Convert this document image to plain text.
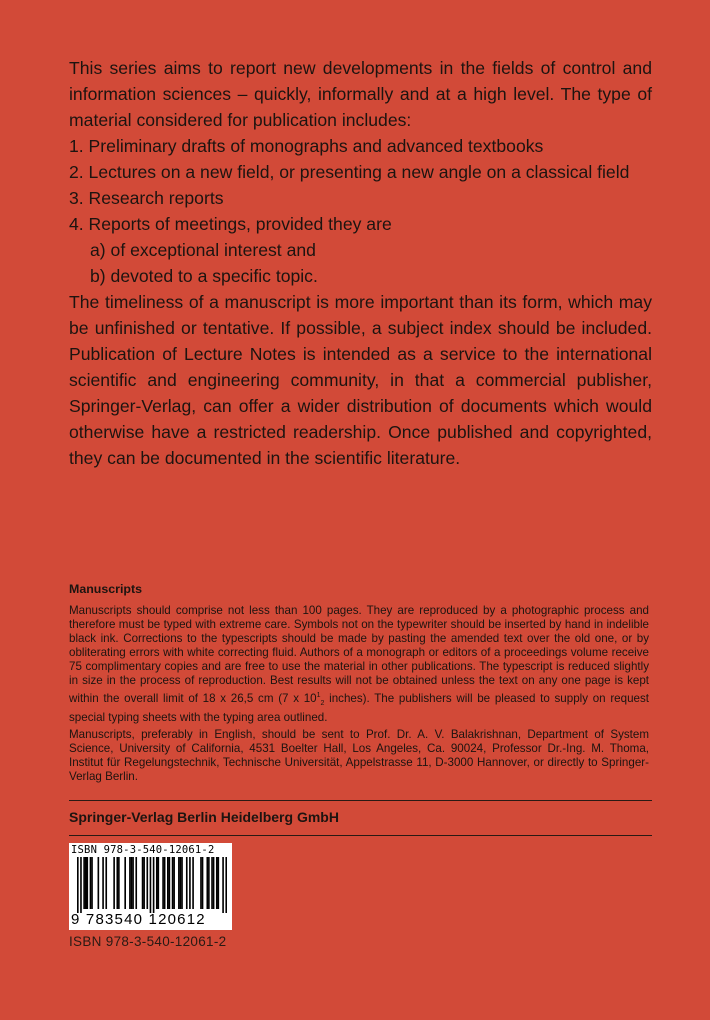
This series aims to report new developments in the fields of control and information sciences – quickly, informally and at a high level. The type of material considered for publication includes:

1. Preliminary drafts of monographs and advanced textbooks

2. Lectures on a new field, or presenting a new angle on a classical field

3. Research reports

4. Reports of meetings, provided they are

a) of exceptional interest and

b) devoted to a specific topic.

The timeliness of a manuscript is more important than its form, which may be unfinished or tentative. If possible, a subject index should be included. Publication of Lecture Notes is intended as a service to the international scientific and engineering community, in that a commercial publisher, Springer-Verlag, can offer a wider distribution of documents which would otherwise have a restricted readership. Once published and copyrighted, they can be documented in the scientific literature.

Manuscripts

Manuscripts should comprise not less than 100 pages. They are reproduced by a photographic process and therefore must be typed with extreme care. Symbols not on the typewriter should be inserted by hand in indelible black ink. Corrections to the typescripts should be made by pasting the amended text over the old one, or by obliterating errors with white correcting fluid. Authors of a monograph or editors of a proceedings volume receive 75 complimentary copies and are free to use the material in other publications. The typescript is reduced slightly in size in the process of reproduction. Best results will not be obtained unless the text on any one page is kept within the overall limit of 18 x 26,5 cm (7 x $10^1_2$ inches). The publishers will be pleased to supply on request special typing sheets with the typing area outlined.

Manuscripts, preferably in English, should be sent to Prof. Dr. A. V. Balakrishnan, Department of System Science, University of California, 4531 Boelter Hall, Los Angeles, Ca. 90024, Professor Dr.-Ing. M. Thoma, Institut für Regelungstechnik, Technische Universität, Appelstrasse 11, D-3000 Hannover, or directly to Springer-Verlag Berlin.

Springer-Verlag Berlin Heidelberg GmbH
ISBN 978-3-540-12061-2
9 783540 120612
ISBN 978-3-540-12061-2
